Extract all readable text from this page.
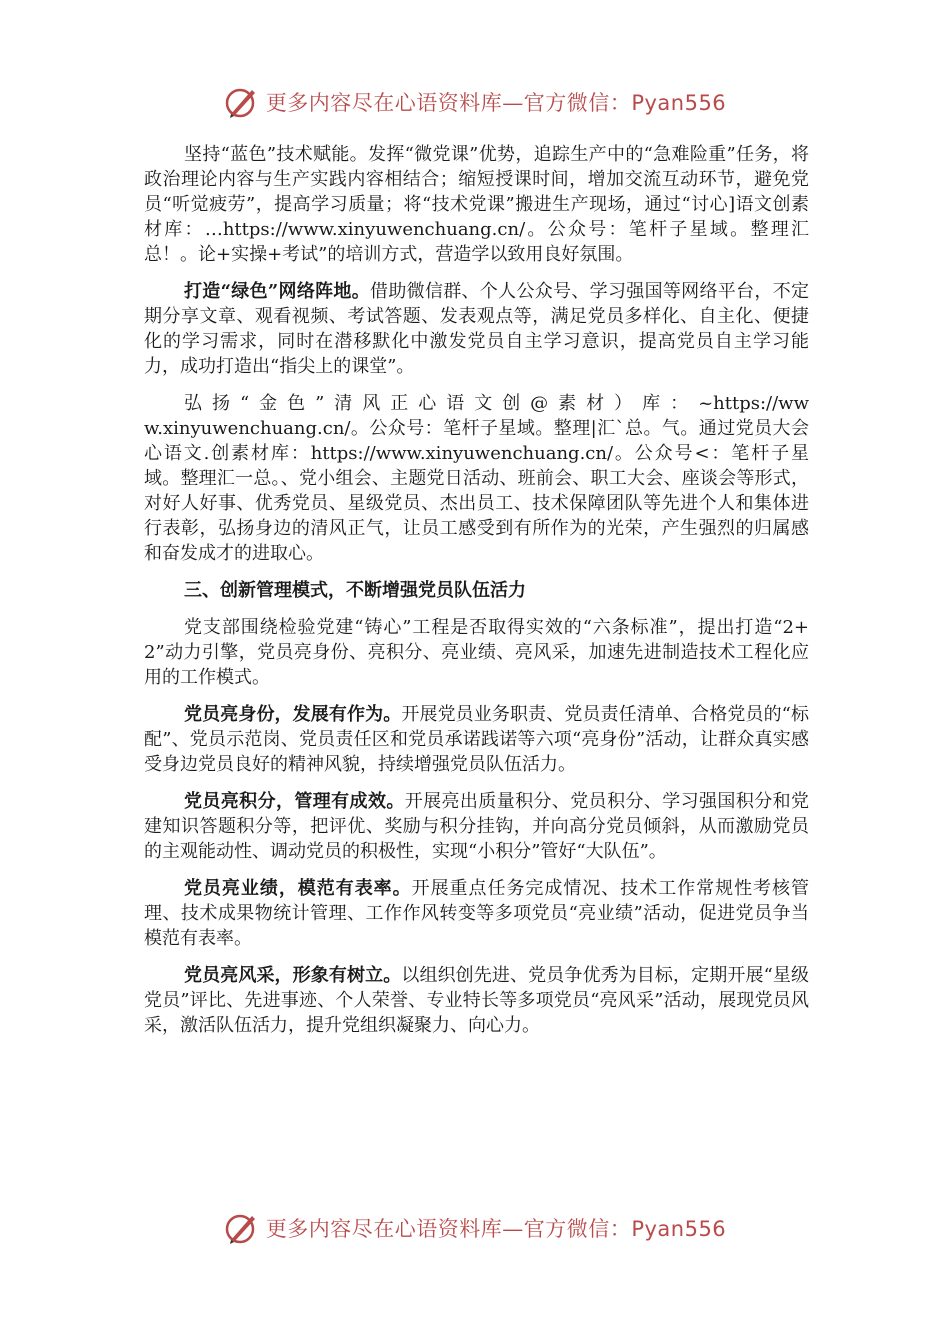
更多内容尽在心语资料库—官方微信：Pyan556

坚持“蓝色”技术赋能。发挥“微党课”优势，追踪生产中的“急难险重”任务，将政治理论内容与生产实践内容相结合；缩短授课时间，增加交流互动环节，避免党员“听觉疲劳”，提高学习质量；将“技术党课”搬进生产现场，通过“讨心]语文创素材库：…https://www.xinyuwenchuang.cn/。公众号：笔杆子星域。整理汇总！。论+实操+考试”的培训方式，营造学以致用良好氛围。

打造“绿色”网络阵地。借助微信群、个人公众号、学习强国等网络平台，不定期分享文章、观看视频、考试答题、发表观点等，满足党员多样化、自主化、便捷化的学习需求，同时在潜移默化中激发党员自主学习意识，提高党员自主学习能力，成功打造出“指尖上的课堂”。

弘扬“金色”清风正心语文创@素材）库：~https://www.xinyuwenchuang.cn/。公众号：笔杆子星域。整理|汇`总。气。通过党员大会心语文.创素材库：https://www.xinyuwenchuang.cn/。公众号<：笔杆子星域。整理汇一总。、党小组会、主题党日活动、班前会、职工大会、座谈会等形式，对好人好事、优秀党员、星级党员、杰出员工、技术保障团队等先进个人和集体进行表彰，弘扬身边的清风正气，让员工感受到有所作为的光荣，产生强烈的归属感和奋发成才的进取心。

三、创新管理模式，不断增强党员队伍活力

党支部围绕检验党建“铸心”工程是否取得实效的“六条标准”，提出打造“2+2”动力引擎，党员亮身份、亮积分、亮业绩、亮风采，加速先进制造技术工程化应用的工作模式。

党员亮身份，发展有作为。开展党员业务职责、党员责任清单、合格党员的“标配”、党员示范岗、党员责任区和党员承诺践诺等六项“亮身份”活动，让群众真实感受身边党员良好的精神风貌，持续增强党员队伍活力。

党员亮积分，管理有成效。开展亮出质量积分、党员积分、学习强国积分和党建知识答题积分等，把评优、奖励与积分挂钩，并向高分党员倾斜，从而激励党员的主观能动性、调动党员的积极性，实现“小积分”管好“大队伍”。

党员亮业绩，模范有表率。开展重点任务完成情况、技术工作常规性考核管理、技术成果物统计管理、工作作风转变等多项党员“亮业绩”活动，促进党员争当模范有表率。

党员亮风采，形象有树立。以组织创先进、党员争优秀为目标，定期开展“星级党员”评比、先进事迹、个人荣誉、专业特长等多项党员“亮风采”活动，展现党员风采，激活队伍活力，提升党组织凝聚力、向心力。

更多内容尽在心语资料库—官方微信：Pyan556
